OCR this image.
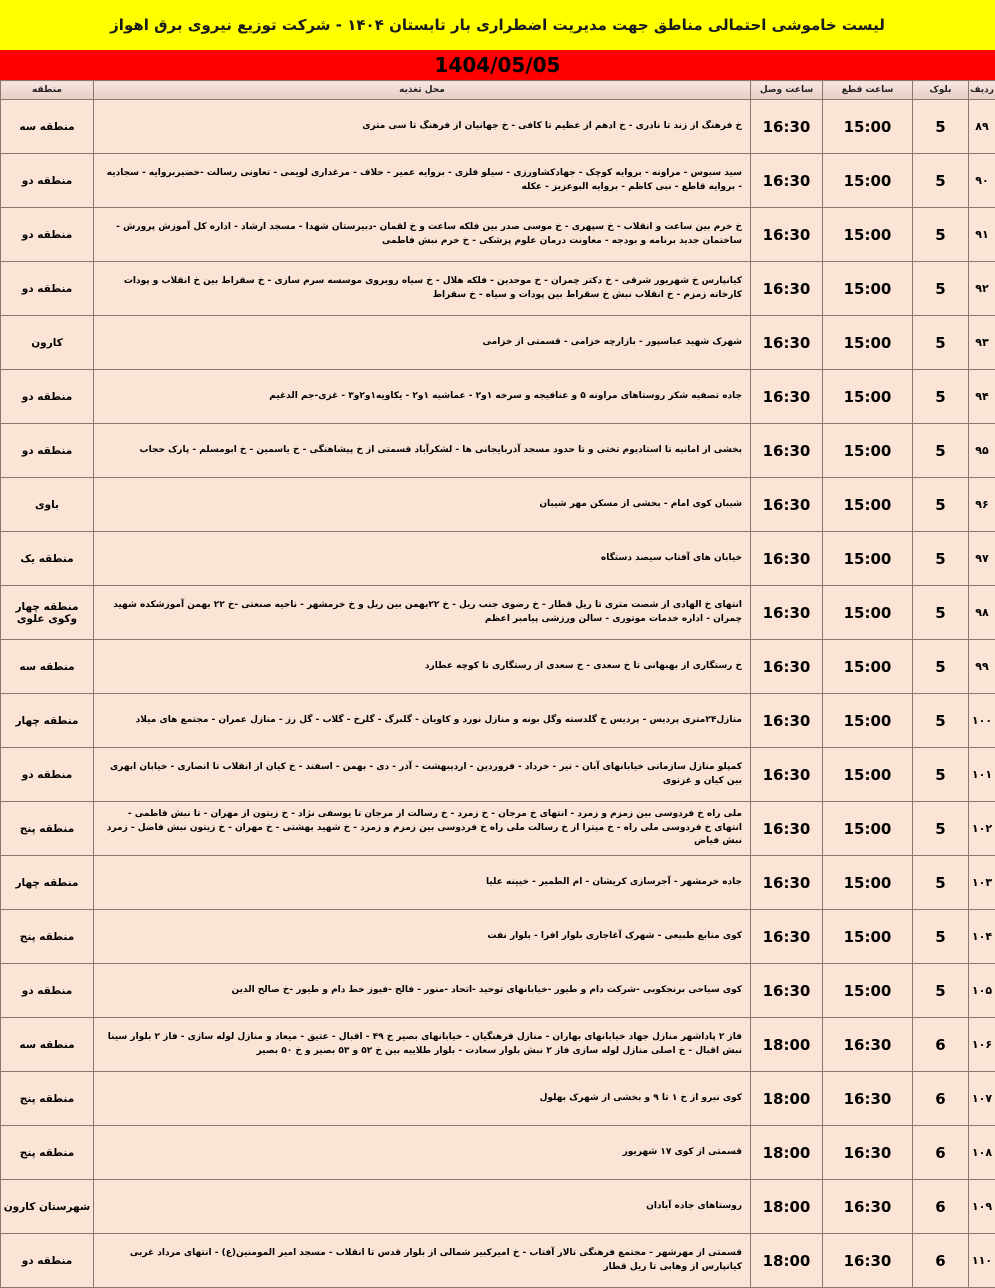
لیست خاموشی احتمالی مناطق جهت مدیریت اضطراری بار تابستان ۱۴۰۴ - شرکت توزیع نیروی برق اهواز
1404/05/05
ردیف	بلوک	ساعت قطع	ساعت وصل	محل تغذیه	منطقه
۸۹	5	15:00	16:30	خ فرهنگ از زند تا نادری - خ ادهم از عظیم تا کافی - خ جهانیان از فرهنگ تا سی متری	منطقه سه
۹۰	5	15:00	16:30	سید سبوس - مراونه - بروایه کوچک - جهادکشاورزی - سیلو فلزی - بروایه عمیر - حلاف - مرغداری لویمی - تعاونی رسالت -خضیربروایه - سجادیه - بروایه قاطع - نبی کاظم - بروایه البوعزیز - عکله	منطقه دو
۹۱	5	15:00	16:30	خ خرم بین ساعت و انقلاب - خ سپهری - خ موسی صدر بین فلکه ساعت و خ لقمان -دبیرستان شهدا - مسجد ارشاد - اداره کل آموزش پرورش - ساختمان جدید برنامه و بودجه - معاونت درمان علوم پزشکی - خ خرم نبش فاطمی	منطقه دو
۹۲	5	15:00	16:30	کیانپارس خ شهریور شرقی - خ دکتر چمران - خ موحدین - فلکه هلال - خ سیاه روبروی موسسه سرم سازی - خ سقراط بین خ انقلاب و پودات کارخانه زمزم - خ انقلاب نبش خ سقراط بین پودات و سیاه - خ سقراط	منطقه دو
۹۳	5	15:00	16:30	شهرک شهید عباسپور - بازارچه خزامی - قسمتی از خزامی	کارون
۹۴	5	15:00	16:30	جاده تصفیه شکر روستاهای مراونه ۵ و عنافیجه و سرخه ۱و۲ - عماشیه ۱و۲ - یکاویه۱و۲و۳ - غزی-جم الدغیم	منطقه دو
۹۵	5	15:00	16:30	بخشی از امانیه تا استادیوم تختی و تا حدود مسجد آذربایجانی ها - لشکرآباد قسمتی از خ پیشاهنگی - خ یاسمین - خ ابومسلم - پارک حجاب	منطقه دو
۹۶	5	15:00	16:30	شیبان کوی امام - بخشی از مسکن مهر شیبان	باوی
۹۷	5	15:00	16:30	خیابان های آفتاب سیصد دستگاه	منطقه یک
۹۸	5	15:00	16:30	انتهای خ الهادی از شصت متری تا ریل قطار - خ رضوی جنب ریل - خ ۲۲بهمن بین ریل و خ خرمشهر - ناحیه صنعتی -خ ۲۲ بهمن آموزشکده شهید چمران - اداره خدمات موتوری - سالن ورزشی پیامبر اعظم	منطقه چهار وکوی علوی
۹۹	5	15:00	16:30	خ رستگاری از بهبهانی تا خ سعدی - خ سعدی از رستگاری تا کوچه عطارد	منطقه سه
۱۰۰	5	15:00	16:30	منازل۲۴متری پردیس - پردیس خ گلدسته وگل بونه و منازل نورد و کاویان - گلبرگ - گلرخ - گلاب - گل رز - منازل عمران - مجتمع های میلاد	منطقه چهار
۱۰۱	5	15:00	16:30	کمپلو منازل سازمانی خیابانهای آبان - تیر - خرداد - فروردین - اردیبهشت - آذر - دی - بهمن - اسفند - خ کیان از انقلاب تا انصاری - خیابان ابهری بین کیان و غزنوی	منطقه دو
۱۰۲	5	15:00	16:30	ملی راه خ فردوسی بین زمزم و زمرد - انتهای خ مرجان - خ زمرد - خ رسالت از مرجان تا یوسفی نژاد - خ زیتون از مهران - تا نبش فاطمی - انتهای خ فردوسی ملی راه - خ میترا از خ رسالت ملی راه خ فردوسی بین زمزم و زمرد - خ شهید بهشتی - خ مهران - خ زیتون نبش فاضل - زمرد نبش فیاض	منطقه پنج
۱۰۳	5	15:00	16:30	جاده خرمشهر - آجرسازی کریشان - ام الطمیر - خیینه علیا	منطقه چهار
۱۰۴	5	15:00	16:30	کوی منابع طبیعی - شهرک آغاجاری بلوار افرا - بلوار نفت	منطقه پنج
۱۰۵	5	15:00	16:30	کوی سیاحی برنجکوبی -شرکت دام و طیور -خیابانهای توحید -اتحاد -منور - فالح -فیوز خط دام و طیور -خ صالح الدین	منطقه دو
۱۰۶	6	16:30	18:00	فاز ۲ پاداشهر منازل جهاد خیابانهای بهاران - منازل فرهنگیان - خیابانهای بصیر خ ۴۹ - اقبال - عتیق - میعاد و منازل لوله سازی - فاز ۲ بلوار سینا نبش اقبال - خ اصلی منازل لوله سازی فاز ۲ نبش بلوار سعادت - بلوار طلاییه بین خ ۵۲ و ۵۳ بصیر و خ ۵۰ بصیر	منطقه سه
۱۰۷	6	16:30	18:00	کوی نیرو از خ ۱ تا ۹ و بخشی از شهرک بهلول	منطقه پنج
۱۰۸	6	16:30	18:00	قسمتی از کوی ۱۷ شهریور	منطقه پنج
۱۰۹	6	16:30	18:00	روستاهای جاده آبادان	شهرستان کارون
۱۱۰	6	16:30	18:00	قسمتی از مهرشهر - مجتمع فرهنگی تالار آفتاب - خ امیرکبیر شمالی از بلوار قدس تا انقلاب - مسجد امیر المومنین(ع) - انتهای مرداد غربی کیانپارس از وهابی تا ریل قطار	منطقه دو
